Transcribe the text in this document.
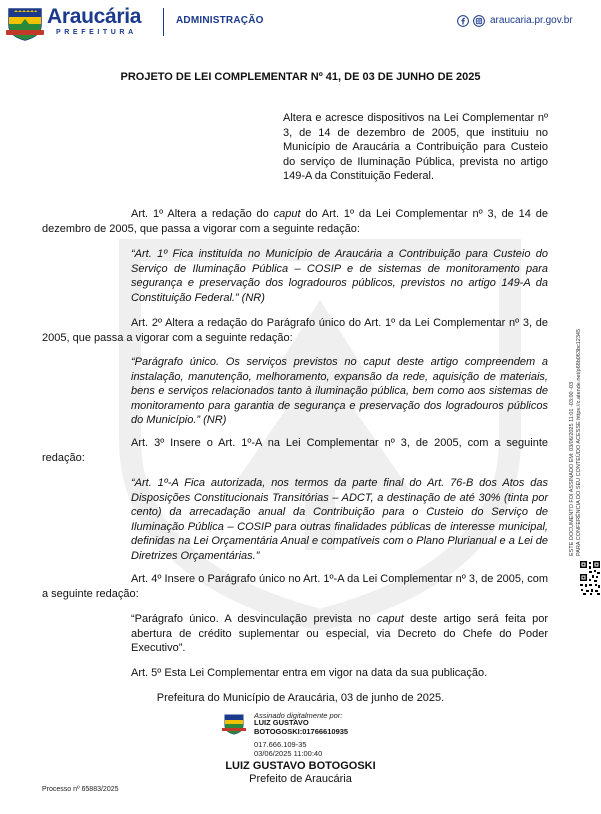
Araucária
PREFEITURA
ADMINISTRAÇÃO	araucaria.pr.gov.br
PROJETO DE LEI COMPLEMENTAR Nº 41, DE 03 DE JUNHO DE 2025
Altera e acresce dispositivos na Lei Complementar nº 3, de 14 de dezembro de 2005, que instituiu no Município de Araucária a Contribuição para Custeio do serviço de Iluminação Pública, prevista no artigo 149-A da Constituição Federal.
Art. 1º Altera a redação do caput do Art. 1º da Lei Complementar nº 3, de 14 de dezembro de 2005, que passa a vigorar com a seguinte redação:
“Art. 1º Fica instituída no Município de Araucária a Contribuição para Custeio do Serviço de Iluminação Pública – COSIP e de sistemas de monitoramento para segurança e preservação dos logradouros públicos, previstos no artigo 149-A da Constituição Federal.” (NR)
Art. 2º Altera a redação do Parágrafo único do Art. 1º da Lei Complementar nº 3, de 2005, que passa a vigorar com a seguinte redação:
“Parágrafo único. Os serviços previstos no caput deste artigo compreendem a instalação, manutenção, melhoramento, expansão da rede, aquisição de materiais, bens e serviços relacionados tanto à iluminação pública, bem como aos sistemas de monitoramento para garantia de segurança e preservação dos logradouros públicos do Município.” (NR)
Art. 3º Insere o Art. 1º-A na Lei Complementar nº 3, de 2005, com a seguinte redação:
“Art. 1º-A Fica autorizada, nos termos da parte final do Art. 76-B dos Atos das Disposições Constitucionais Transitórias – ADCT, a destinação de até 30% (tinta por cento) da arrecadação anual da Contribuição para o Custeio do Serviço de Iluminação Pública – COSIP para outras finalidades públicas de interesse municipal, definidas na Lei Orçamentária Anual e compatíveis com o Plano Plurianual e a Lei de Diretrizes Orçamentárias.”
Art. 4º Insere o Parágrafo único no Art. 1º-A da Lei Complementar nº 3, de 2005, com a seguinte redação:
“Parágrafo único. A desvinculação prevista no caput deste artigo será feita por abertura de crédito suplementar ou especial, via Decreto do Chefe do Poder Executivo”.
Art. 5º Esta Lei Complementar entra em vigor na data da sua publicação.
Prefeitura do Município de Araucária, 03 de junho de 2025.
Assinado digitalmente por:
LUIZ GUSTAVO
BOTOGOSKI:01766610935
017.666.109-35
03/06/2025 11:00:40
LUIZ GUSTAVO BOTOGOSKI
Prefeito de Araucária
Processo nº 65883/2025
ESTE DOCUMENTO FOI ASSINADO EM: 03/06/2025 11:01 -03:00 -03 PARA CONFERÊNCIA DO SEU CONTEÚDO ACESSE https://c.atende.net/p68b063bc12345
